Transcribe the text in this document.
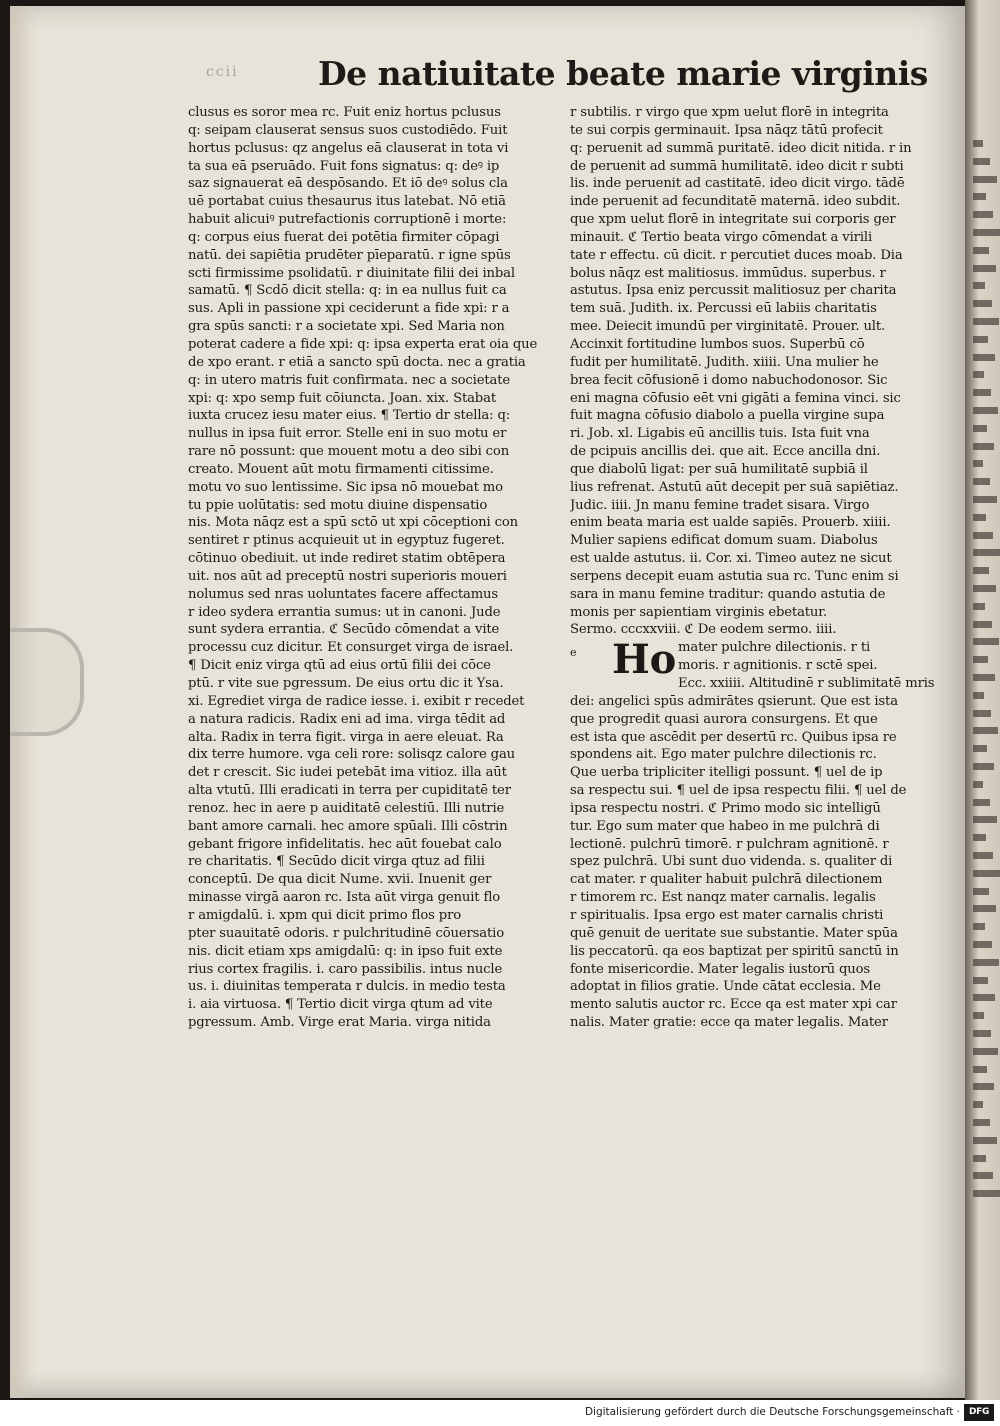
ccii De natiuitate beate marie virginis
clusus es soror mea rc. Fuit eniz hortus pclusus
q: seipam clauserat sensus suos custodiēdo. Fuit
hortus pclusus: qz angelus eā clauserat in tota vi
ta sua eā pseruādo. Fuit fons signatus: q: deꝰ ip
saz signauerat eā despōsando. Et iō deꝰ solus cla
uē portabat cuius thesaurus itus latebat. Nō etiā
habuit alicuiꝰ putrefactionis corruptionē i morte:
q: corpus eius fuerat dei potētia firmiter cōpagi
natū. dei sapiētia prudēter pīeparatū. r igne spūs
scti firmissime psolidatū. r diuinitate filii dei inbal
samatū. ¶ Scdō dicit stella: q: in ea nullus fuit ca
sus. Apli in passione xpi ceciderunt a fide xpi: r a
gra spūs sancti: r a societate xpi. Sed Maria non
poterat cadere a fide xpi: q: ipsa experta erat oia que
de xpo erant. r etiā a sancto spū docta. nec a gratia
q: in utero matris fuit confirmata. nec a societate
xpi: q: xpo semp fuit cōiuncta. Joan. xix. Stabat
iuxta crucez iesu mater eius. ¶ Tertio dr stella: q:
nullus in ipsa fuit error. Stelle eni in suo motu er
rare nō possunt: que mouent motu a deo sibi con
creato. Mouent aūt motu firmamenti citissime.
motu vo suo lentissime. Sic ipsa nō mouebat mo
tu ppie uolūtatis: sed motu diuine dispensatio
nis. Mota nāqz est a spū sctō ut xpi cōceptioni con
sentiret r ptinus acquieuit ut in egyptuz fugeret.
cōtinuo obediuit. ut inde rediret statim obtēpera
uit. nos aūt ad preceptū nostri superioris moueri
nolumus sed nras uoluntates facere affectamus
r ideo sydera errantia sumus: ut in canoni. Jude
sunt sydera errantia. ℭ Secūdo cōmendat a vite
processu cuz dicitur. Et consurget virga de israel.
¶ Dicit eniz virga qtū ad eius ortū filii dei cōce
ptū. r vite sue pgressum. De eius ortu dic it Ysa.
xi. Egrediet virga de radice iesse. i. exibit r recedet
a natura radicis. Radix eni ad ima. virga tēdit ad
alta. Radix in terra figit. virga in aere eleuat. Ra
dix terre humore. vga celi rore: solisqz calore gau
det r crescit. Sic iudei petebāt ima vitioz. illa aūt
alta vtutū. Illi eradicati in terra per cupiditatē ter
renoz. hec in aere p auiditatē celestiū. Illi nutrie
bant amore carnali. hec amore spūali. Illi cōstrin
gebant frigore infidelitatis. hec aūt fouebat calo
re charitatis. ¶ Secūdo dicit virga qtuz ad filii
conceptū. De qua dicit Nume. xvii. Inuenit ger
minasse virgā aaron rc. Ista aūt virga genuit flo
r amigdalū. i. xpm qui dicit primo flos pro
pter suauitatē odoris. r pulchritudinē cōuersatio
nis. dicit etiam xps amigdalū: q: in ipso fuit exte
rius cortex fragilis. i. caro passibilis. intus nucle
us. i. diuinitas temperata r dulcis. in medio testa
i. aia virtuosa. ¶ Tertio dicit virga qtum ad vite
pgressum. Amb. Virge erat Maria. virga nitida
r subtilis. r virgo que xpm uelut florē in integrita
te sui corpis germinauit. Ipsa nāqz tātū profecit
q: peruenit ad summā puritatē. ideo dicit nitida. r in
de peruenit ad summā humilitatē. ideo dicit r subti
lis. inde peruenit ad castitatē. ideo dicit virgo. tādē
inde peruenit ad fecunditatē maternā. ideo subdit.
que xpm uelut florē in integritate sui corporis ger
minauit. ℭ Tertio beata virgo cōmendat a virili
tate r effectu. cū dicit. r percutiet duces moab. Dia
bolus nāqz est malitiosus. immūdus. superbus. r
astutus. Ipsa eniz percussit malitiosuz per charita
tem suā. Judith. ix. Percussi eū labiis charitatis
mee. Deiecit imundū per virginitatē. Prouer. ult.
Accinxit fortitudine lumbos suos. Superbū cō
fudit per humilitatē. Judith. xiiii. Una mulier he
brea fecit cōfusionē i domo nabuchodonosor. Sic
eni magna cōfusio eēt vni gigāti a femina vinci. sic
fuit magna cōfusio diabolo a puella virgine supa
ri. Job. xl. Ligabis eū ancillis tuis. Ista fuit vna
de pcipuis ancillis dei. que ait. Ecce ancilla dni.
que diabolū ligat: per suā humilitatē supbiā il
lius refrenat. Astutū aūt decepit per suā sapiētiaz.
Judic. iiii. Jn manu femine tradet sisara. Virgo
enim beata maria est ualde sapiēs. Prouerb. xiiii.
Mulier sapiens edificat domum suam. Diabolus
est ualde astutus. ii. Cor. xi. Timeo autez ne sicut
serpens decepit euam astutia sua rc. Tunc enim si
sara in manu femine traditur: quando astutia de
monis per sapientiam virginis ebetatur.
Sermo. cccxxviii. ℭ De eodem sermo. iiii.
e Ho mater pulchre dilectionis. r ti
moris. r agnitionis. r sctē spei.
Ecc. xxiiii. Altitudinē r sublimitatē mris
dei: angelici spūs admirātes qsierunt. Que est ista
que progredit quasi aurora consurgens. Et que
est ista que ascēdit per desertū rc. Quibus ipsa re
spondens ait. Ego mater pulchre dilectionis rc.
Que uerba tripliciter itelligi possunt. ¶ uel de ip
sa respectu sui. ¶ uel de ipsa respectu filii. ¶ uel de
ipsa respectu nostri. ℭ Primo modo sic intelligū
tur. Ego sum mater que habeo in me pulchrā di
lectionē. pulchrū timorē. r pulchram agnitionē. r
spez pulchrā. Ubi sunt duo videnda. s. qualiter di
cat mater. r qualiter habuit pulchrā dilectionem
r timorem rc. Est nanqz mater carnalis. legalis
r spiritualis. Ipsa ergo est mater carnalis christi
quē genuit de ueritate sue substantie. Mater spūa
lis peccatorū. qa eos baptizat per spiritū sanctū in
fonte misericordie. Mater legalis iustorū quos
adoptat in filios gratie. Unde cātat ecclesia. Me
mento salutis auctor rc. Ecce qa est mater xpi car
nalis. Mater gratie: ecce qa mater legalis. Mater
Digitalisierung gefördert durch die Deutsche Forschungsgemeinschaft · DFG
